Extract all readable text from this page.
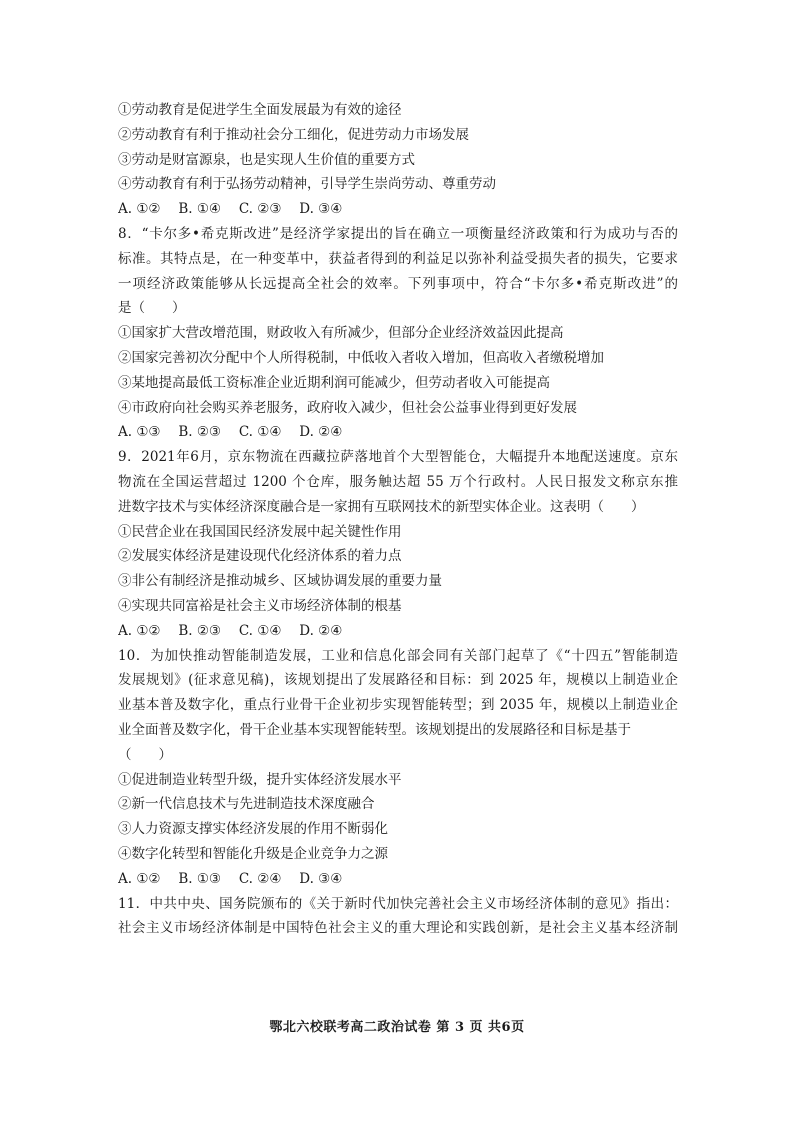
①劳动教育是促进学生全面发展最为有效的途径
②劳动教育有利于推动社会分工细化，促进劳动力市场发展
③劳动是财富源泉，也是实现人生价值的重要方式
④劳动教育有利于弘扬劳动精神，引导学生崇尚劳动、尊重劳动
A. ①②　 B. ①④　 C. ②③　 D. ③④
8．“卡尔多•希克斯改进”是经济学家提出的旨在确立一项衡量经济政策和行为成功与否的
标准。其特点是，在一种变革中，获益者得到的利益足以弥补利益受损失者的损失，它要求
一项经济政策能够从长远提高全社会的效率。下列事项中，符合“卡尔多•希克斯改进”的
是（　　）
①国家扩大营改增范围，财政收入有所减少，但部分企业经济效益因此提高
②国家完善初次分配中个人所得税制，中低收入者收入增加，但高收入者缴税增加
③某地提高最低工资标准企业近期利润可能减少，但劳动者收入可能提高
④市政府向社会购买养老服务，政府收入减少，但社会公益事业得到更好发展
A. ①③　 B. ②③　 C. ①④　 D. ②④
9．2021年6月，京东物流在西藏拉萨落地首个大型智能仓，大幅提升本地配送速度。京东
物流在全国运营超过 1200 个仓库，服务触达超 55 万个行政村。人民日报发文称京东推
进数字技术与实体经济深度融合是一家拥有互联网技术的新型实体企业。这表明（　　）
①民营企业在我国国民经济发展中起关键性作用
②发展实体经济是建设现代化经济体系的着力点
③非公有制经济是推动城乡、区域协调发展的重要力量
④实现共同富裕是社会主义市场经济体制的根基
A. ①②　 B. ②③　 C. ①④　 D. ②④
10．为加快推动智能制造发展，工业和信息化部会同有关部门起草了《“十四五”智能制造
发展规划》(征求意见稿)，该规划提出了发展路径和目标：到 2025 年，规模以上制造业企
业基本普及数字化，重点行业骨干企业初步实现智能转型；到 2035 年，规模以上制造业企
业全面普及数字化，骨干企业基本实现智能转型。该规划提出的发展路径和目标是基于
（　　）
①促进制造业转型升级，提升实体经济发展水平
②新一代信息技术与先进制造技术深度融合
③人力资源支撑实体经济发展的作用不断弱化
④数字化转型和智能化升级是企业竞争力之源
A. ①②　 B. ①③　 C. ②④　 D. ③④
11．中共中央、国务院颁布的《关于新时代加快完善社会主义市场经济体制的意见》指出：
社会主义市场经济体制是中国特色社会主义的重大理论和实践创新，是社会主义基本经济制
鄂北六校联考高二政治试卷 第 3 页 共6页
